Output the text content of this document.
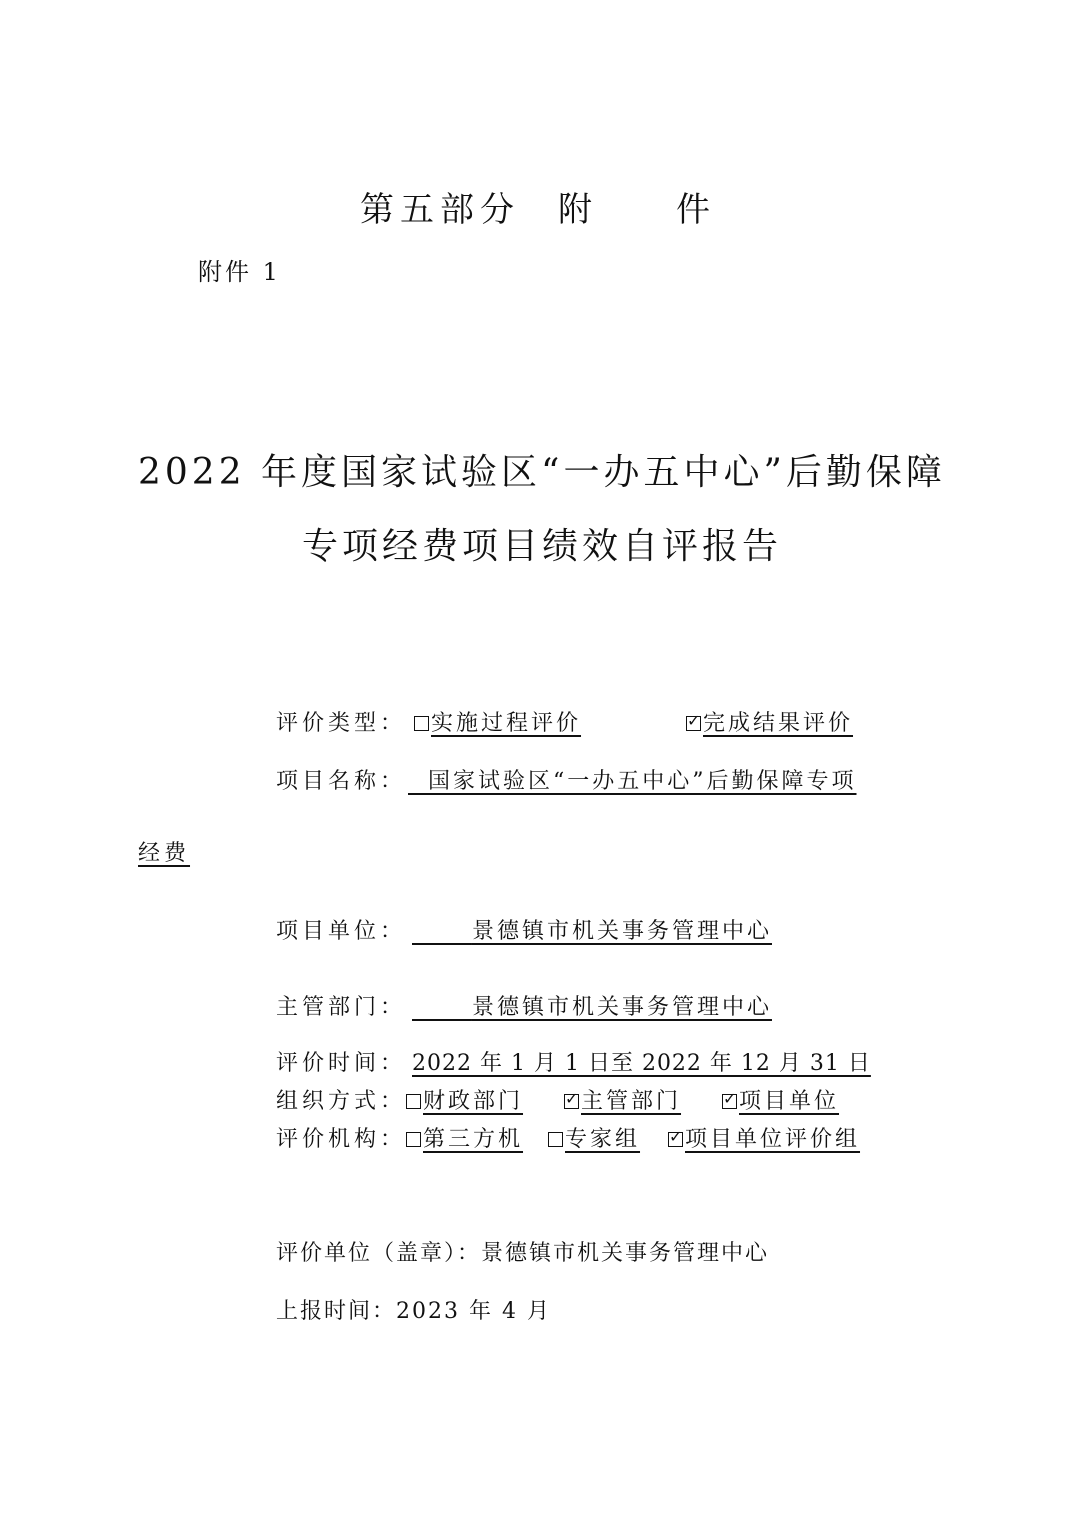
第五部分 附 件
附件 1
2022 年度国家试验区“一办五中心”后勤保障
专项经费项目绩效自评报告
评价类型：	实施过程评价 ✓	完成结果评价
项目名称： 国家试验区“一办五中心”后勤保障专项
经费
项目单位：	景德镇市机关事务管理中心
主管部门：	景德镇市机关事务管理中心
评价时间： 2022 年 1 月 1 日至 2022 年 12 月 31 日
组织方式： 财政部门 ✓	主管部门 ✓	项目单位
评价机构： 第三方机	专家组 ✓	项目单位评价组
评价单位（盖章）：景德镇市机关事务管理中心
上报时间：2023 年 4 月
